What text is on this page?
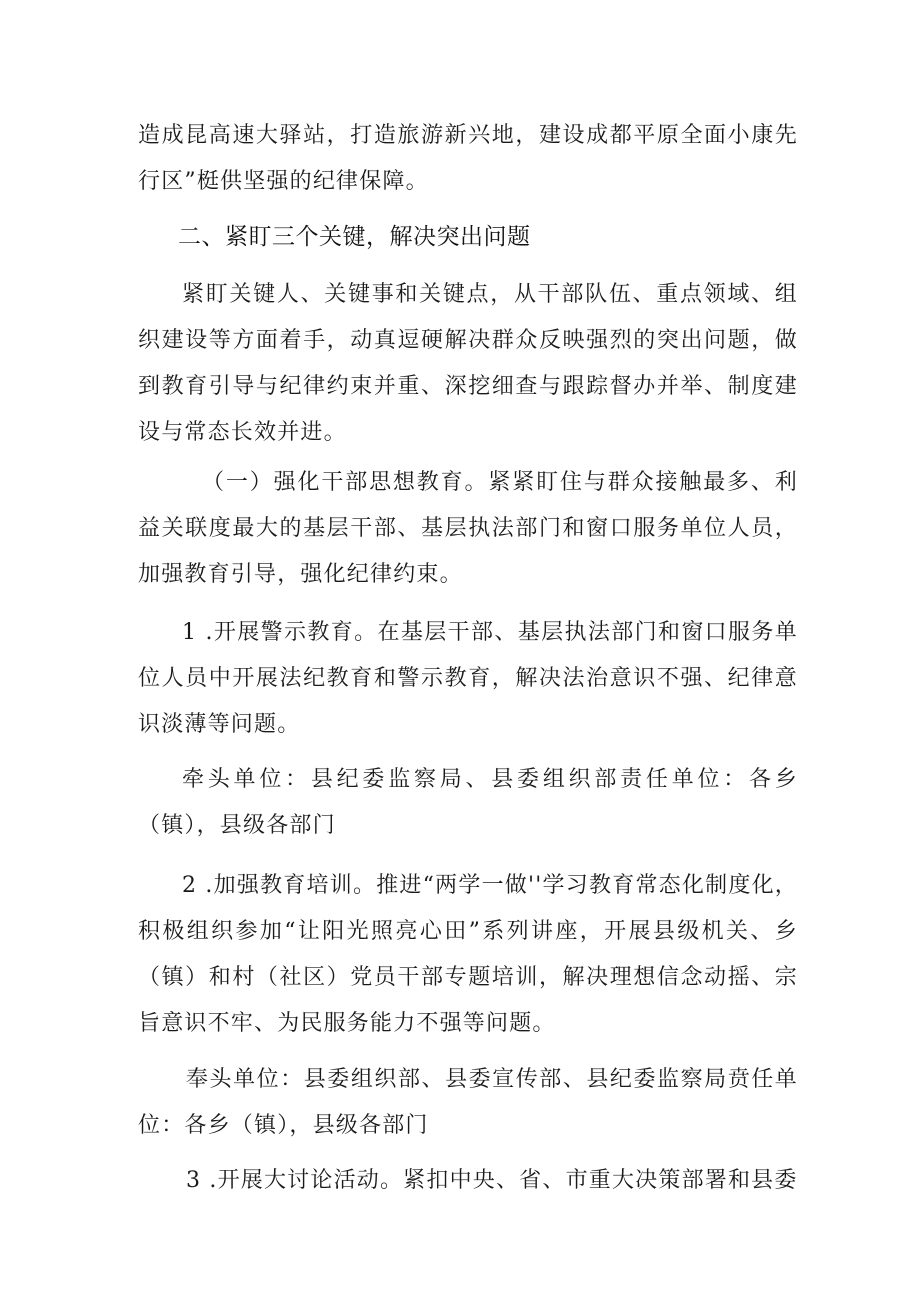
造成昆高速大驿站，打造旅游新兴地，建设成都平原全面小康先行区”梃供坚强的纪律保障。

二、紧盯三个关键，解决突出问题

紧盯关键人、关键事和关键点，从干部队伍、重点领域、组织建设等方面着手，动真逗硬解决群众反映强烈的突出问题，做到教育引导与纪律约束并重、深挖细查与跟踪督办并举、制度建设与常态长效并进。

（一）强化干部思想教育。紧紧盯住与群众接触最多、利益关联度最大的基层干部、基层执法部门和窗口服务单位人员，加强教育引导，强化纪律约束。

1 .开展警示教育。在基层干部、基层执法部门和窗口服务单位人员中开展法纪教育和警示教育，解决法治意识不强、纪律意识淡薄等问题。

牵头单位：县纪委监察局、县委组织部责任单位：各乡（镇），县级各部门

2 .加强教育培训。推进“两学一做''学习教育常态化制度化，积极组织参加“让阳光照亮心田”系列讲座，开展县级机关、乡（镇）和村（社区）党员干部专题培训，解决理想信念动摇、宗旨意识不牢、为民服务能力不强等问题。

奉头单位：县委组织部、县委宣传部、县纪委监察局贲任单位：各乡（镇），县级各部门

3 .开展大讨论活动。紧扣中央、省、市重大决策部署和县委
